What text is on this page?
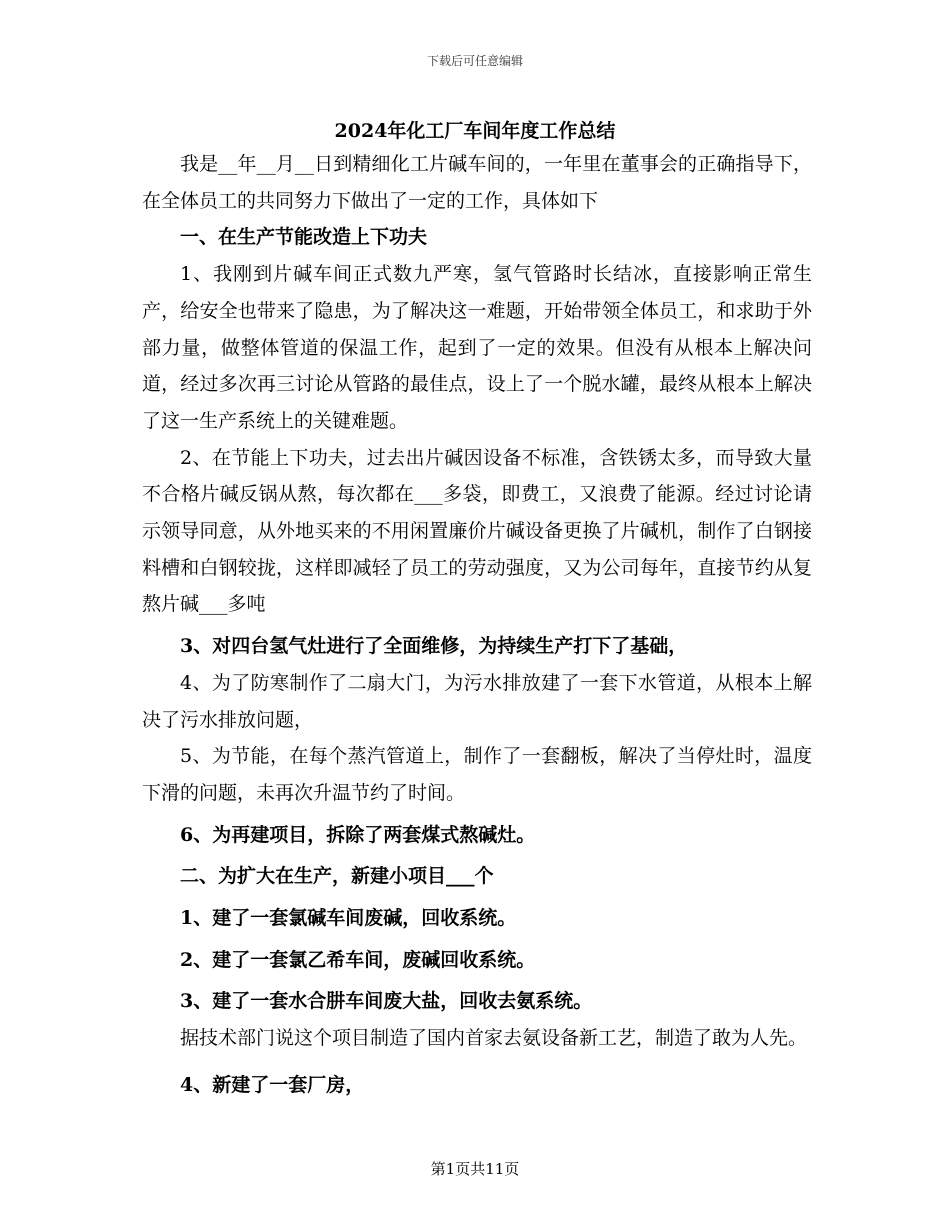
下载后可任意编辑
2024年化工厂车间年度工作总结

我是__年__月__日到精细化工片碱车间的，一年里在董事会的正确指导下，在全体员工的共同努力下做出了一定的工作，具体如下

一、在生产节能改造上下功夫

1、我刚到片碱车间正式数九严寒，氢气管路时长结冰，直接影响正常生产，给安全也带来了隐患，为了解决这一难题，开始带领全体员工，和求助于外部力量，做整体管道的保温工作，起到了一定的效果。但没有从根本上解决问道，经过多次再三讨论从管路的最佳点，设上了一个脱水罐，最终从根本上解决了这一生产系统上的关键难题。

2、在节能上下功夫，过去出片碱因设备不标准，含铁锈太多，而导致大量不合格片碱反锅从熬，每次都在___多袋，即费工，又浪费了能源。经过讨论请示领导同意，从外地买来的不用闲置廉价片碱设备更换了片碱机，制作了白钢接料槽和白钢较拢，这样即减轻了员工的劳动强度，又为公司每年，直接节约从复熬片碱___多吨

3、对四台氢气灶进行了全面维修，为持续生产打下了基础，

4、为了防寒制作了二扇大门，为污水排放建了一套下水管道，从根本上解决了污水排放问题，

5、为节能，在每个蒸汽管道上，制作了一套翻板，解决了当停灶时，温度下滑的问题，未再次升温节约了时间。

6、为再建项目，拆除了两套煤式熬碱灶。

二、为扩大在生产，新建小项目___个

1、建了一套氯碱车间废碱，回收系统。

2、建了一套氯乙希车间，废碱回收系统。

3、建了一套水合肼车间废大盐，回收去氨系统。

据技术部门说这个项目制造了国内首家去氨设备新工艺，制造了敢为人先。

4、新建了一套厂房，

第1页共11页
